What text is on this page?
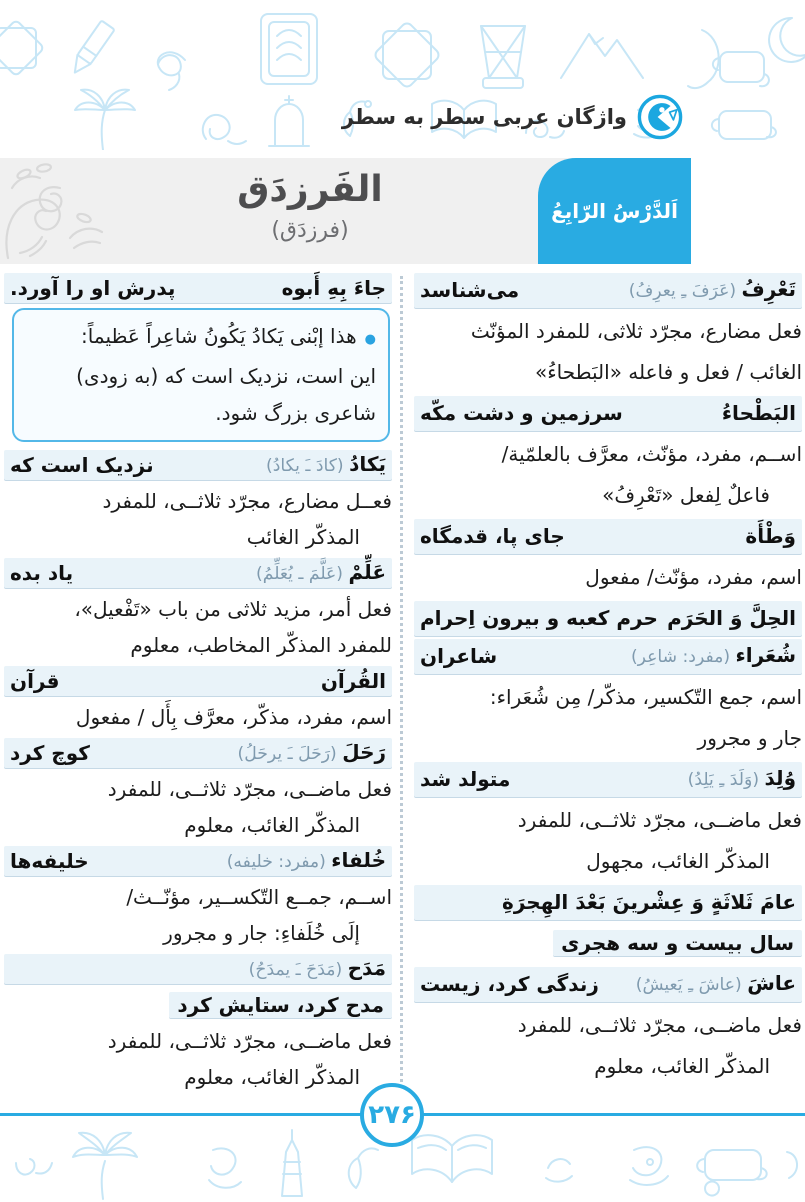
واژگان عربی سطر به سطر
الفَرزدَق
(فرزدَق)
اَلدَّرْسُ الرّابِعُ
تَعْرِفُ (عَرَفَ ـِ یعرِفُ)
می‌شناسد
فعل مضارع، مجرّد ثلاثی، للمفرد المؤنّث
الغائب / فعل و فاعله «البَطحاءُ»
البَطْحاءُ
سرزمین و دشت مکّه
اســم، مفرد، مؤنّث، معرَّف بالعلمّیة/
فاعلٌ لِفعل «تَعْرِفُ»
وَطْأَة
جای پا، قدمگاه
اسم، مفرد، مؤنّث/ مفعول
الحِلَّ وَ الحَرَم
حرم کعبه و بیرون اِحرام
شُعَراء (مفرد: شاعِر)
شاعران
اسم، جمع التّکسیر، مذکّر/ مِن شُعَراء:
جار و مجرور
وُلِدَ (وَلَدَ ـِ یَلِدُ)
متولد شد
فعل ماضــی، مجرّد ثلاثــی، للمفرد
المذکّر الغائب، مجهول
عامَ ثَلاثَةٍ وَ عِشْرینَ بَعْدَ الهِجرَةِ
سال بیست و سه هجری
عاشَ (عاشَ ـِ یَعیشُ)
زندگی کرد، زیست
فعل ماضــی، مجرّد ثلاثــی، للمفرد
المذکّر الغائب، معلوم
جاءَ بِهِ أَبوه
پدرش او را آورد.
●هذا إبْنی یَکادُ یَکُونُ شاعِراً عَظیماً:
این است، نزدیک است که (به زودی)
شاعری بزرگ شود.
یَکادُ (کادَ ـَ یکادُ)
نزدیک است که
فعــل مضارع، مجرّد ثلاثــی، للمفرد
المذکّر الغائب
عَلِّمْ (عَلَّمَ ـ یُعَلِّمُ)
یاد بده
فعل أمر، مزید ثلاثی من باب «تَفْعیل»،
للمفرد المذکّر المخاطب، معلوم
القُرآن
قرآن
اسم، مفرد، مذکّر، معرَّف بِأَل / مفعول
رَحَلَ (رَحَلَ ـَ یرحَلُ)
کوچ کرد
فعل ماضــی، مجرّد ثلاثــی، للمفرد
المذکّر الغائب، معلوم
خُلفاء (مفرد: خلیفه)
خلیفه‌ها
اســم، جمــع التّکســیر، مؤنّــث/
إلَی خُلَفاءِ: جار و مجرور
مَدَح (مَدَحَ ـَ یمدَحُ)
مدح کرد، ستایش کرد
فعل ماضــی، مجرّد ثلاثــی، للمفرد
المذکّر الغائب، معلوم
۲۷۶
